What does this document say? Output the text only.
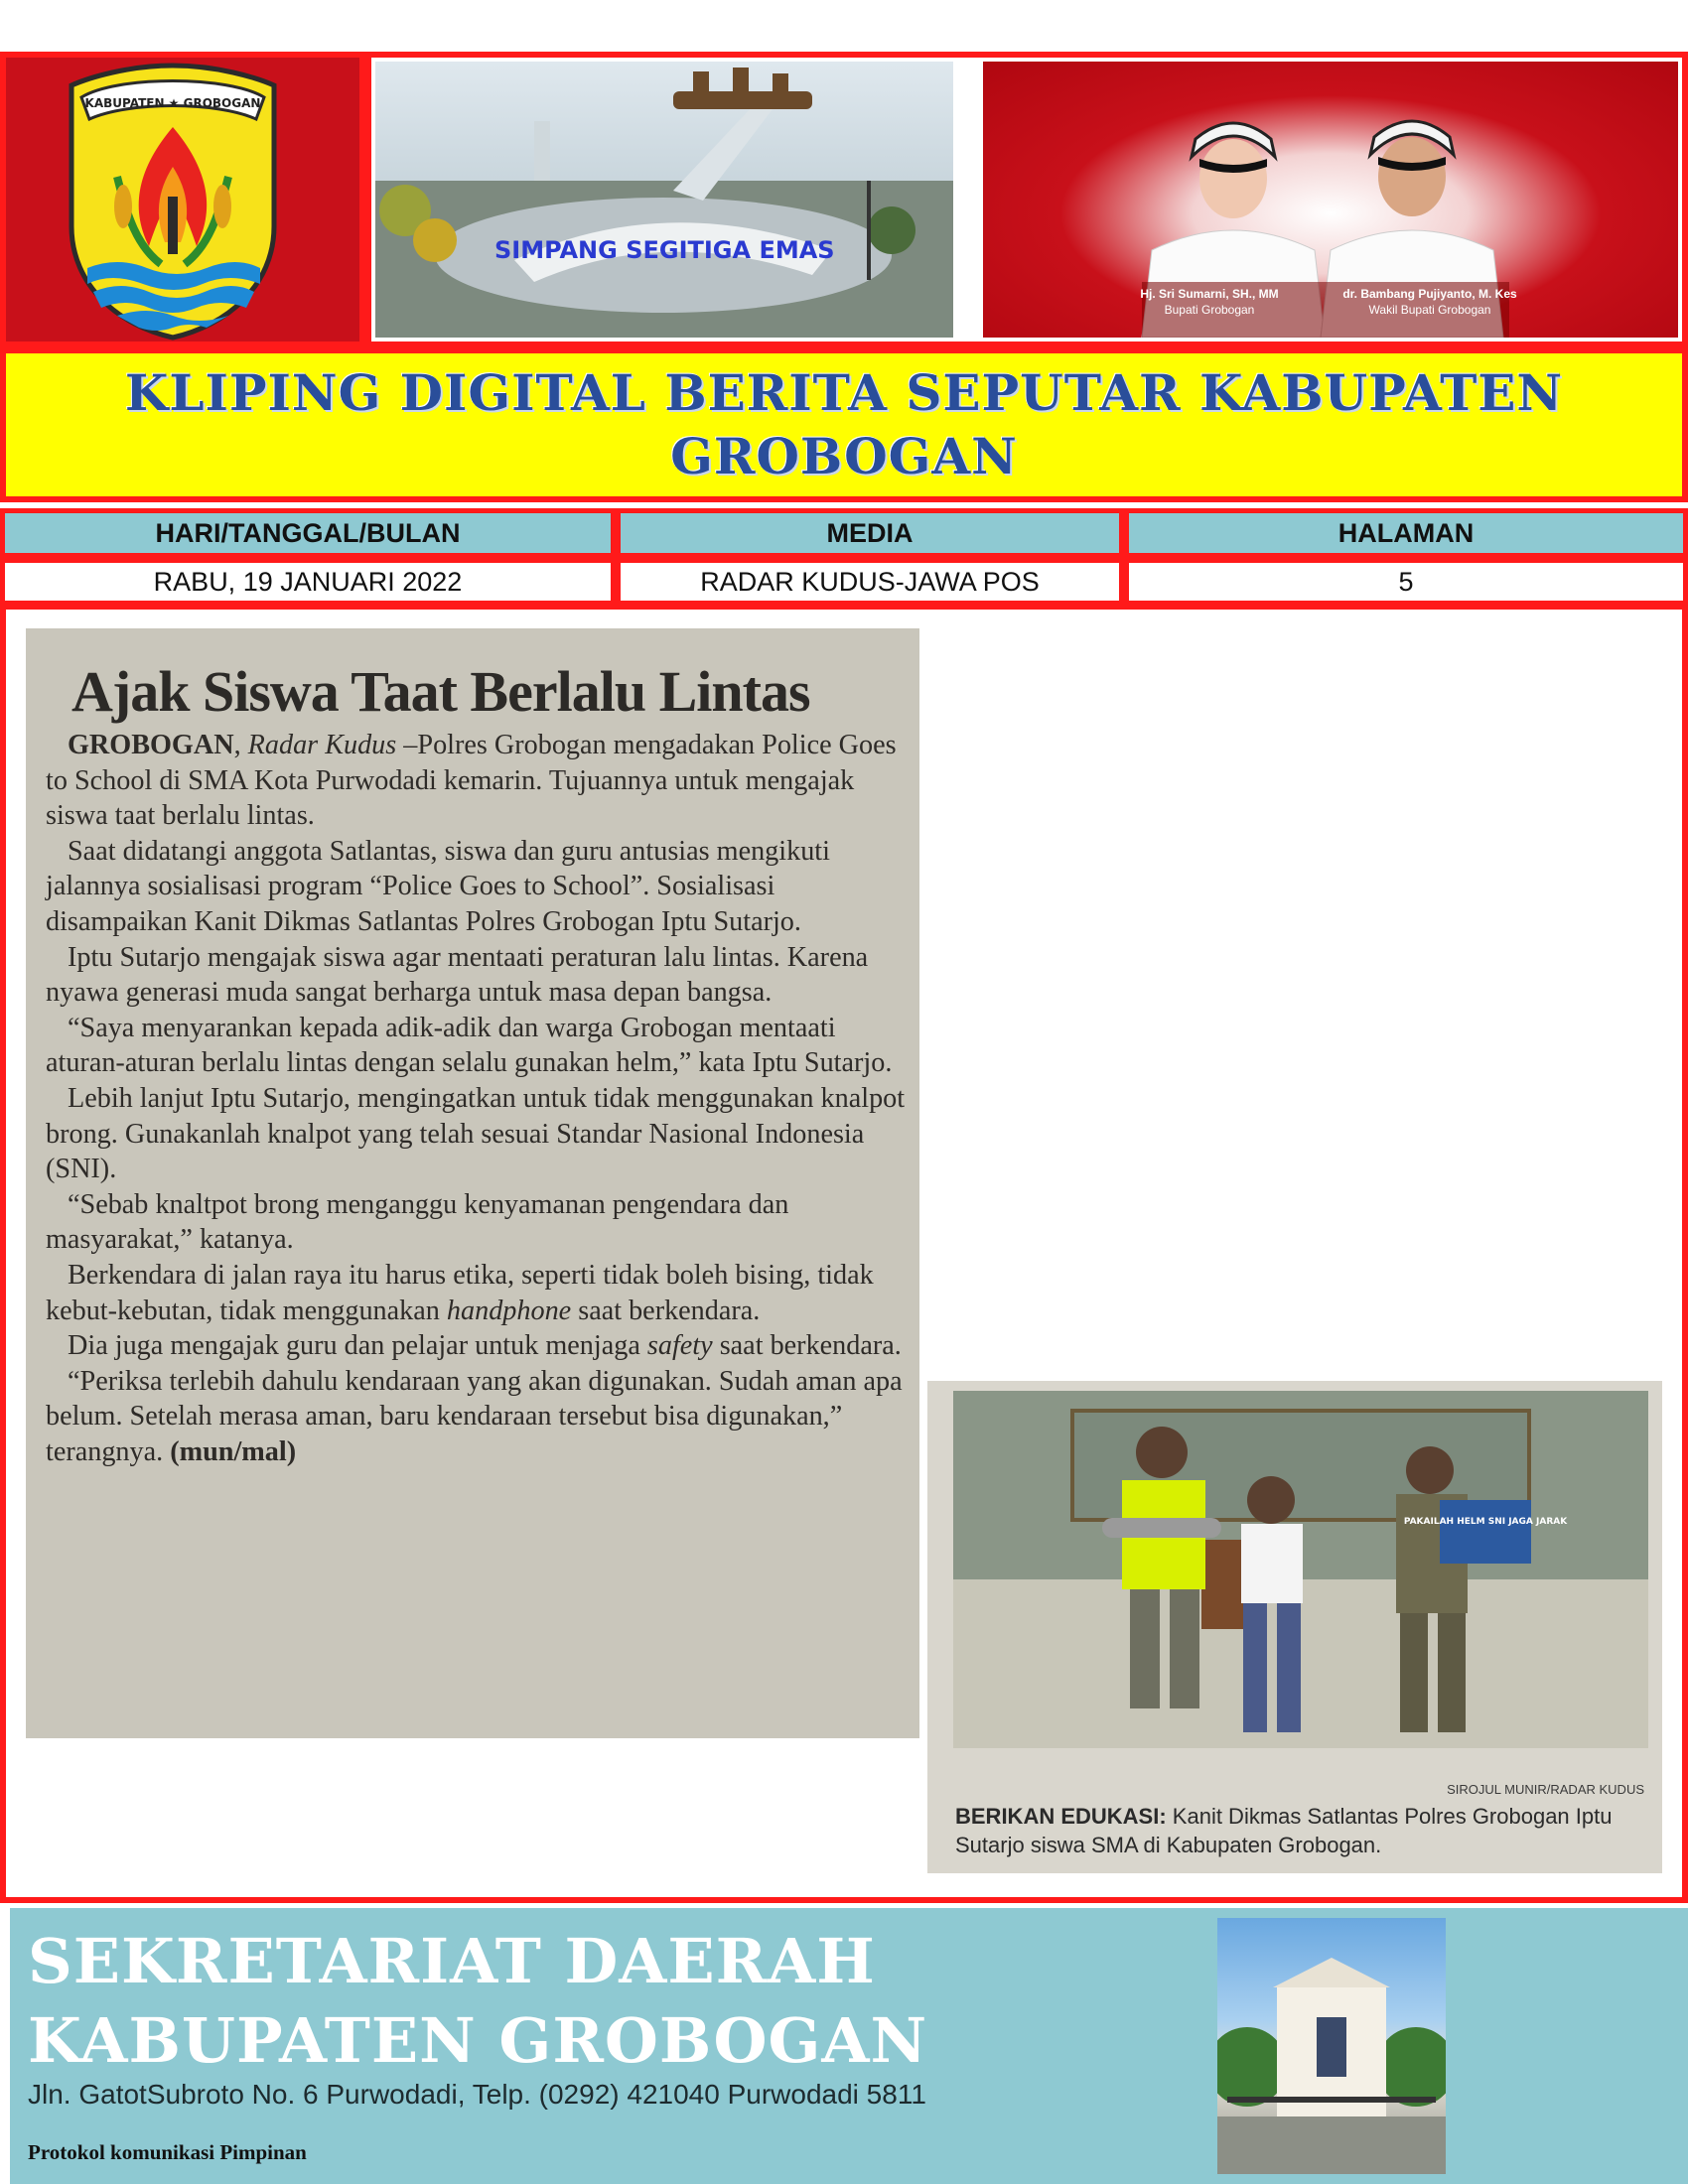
KABUPATEN ★ GROBOGAN
SIMPANG SEGITIGA EMAS
Hj. Sri Sumarni, SH., MM
Bupati Grobogan
dr. Bambang Pujiyanto, M. Kes
Wakil Bupati Grobogan
KLIPING DIGITAL BERITA SEPUTAR KABUPATEN GROBOGAN
HARI/TANGGAL/BULAN	MEDIA	HALAMAN
RABU, 19 JANUARI 2022	RADAR KUDUS-JAWA POS	5
Ajak Siswa Taat Berlalu Lintas

GROBOGAN, Radar Kudus –Polres Grobogan mengadakan Police Goes to School di SMA Kota Purwodadi kemarin. Tujuannya untuk mengajak siswa taat berlalu lintas.

Saat didatangi anggota Satlantas, siswa dan guru antusias mengikuti jalannya sosialisasi program “Police Goes to School”. Sosialisasi disampaikan Kanit Dikmas Satlantas Polres Grobogan Iptu Sutarjo.

Iptu Sutarjo mengajak siswa agar mentaati peraturan lalu lintas. Karena nyawa generasi muda sangat berharga untuk masa depan bangsa.

“Saya menyarankan kepada adik-adik dan warga Grobogan mentaati aturan-aturan berlalu lintas dengan selalu gunakan helm,” kata Iptu Sutarjo.

Lebih lanjut Iptu Sutarjo, mengingatkan untuk tidak menggunakan knalpot brong. Gunakanlah knalpot yang telah sesuai Standar Nasional Indonesia (SNI).

“Sebab knaltpot brong menganggu kenyamanan pengendara dan masyarakat,” katanya.

Berkendara di jalan raya itu harus etika, seperti tidak boleh bising, tidak kebut-kebutan, tidak menggunakan handphone saat berkendara.

Dia juga mengajak guru dan pelajar untuk menjaga safety saat berkendara.

“Periksa terlebih dahulu kendaraan yang akan digunakan. Sudah aman apa belum. Setelah merasa aman, baru kendaraan tersebut bisa digunakan,” terangnya. (mun/mal)

PAKAILAH HELM SNI JAGA JARAK
SIROJUL MUNIR/RADAR KUDUS
BERIKAN EDUKASI: Kanit Dikmas Satlantas Polres Grobogan Iptu Sutarjo siswa SMA di Kabupaten Grobogan.
SEKRETARIAT DAERAH KABUPATEN GROBOGAN
Jln. GatotSubroto No. 6 Purwodadi, Telp. (0292) 421040 Purwodadi 5811
Protokol komunikasi Pimpinan
